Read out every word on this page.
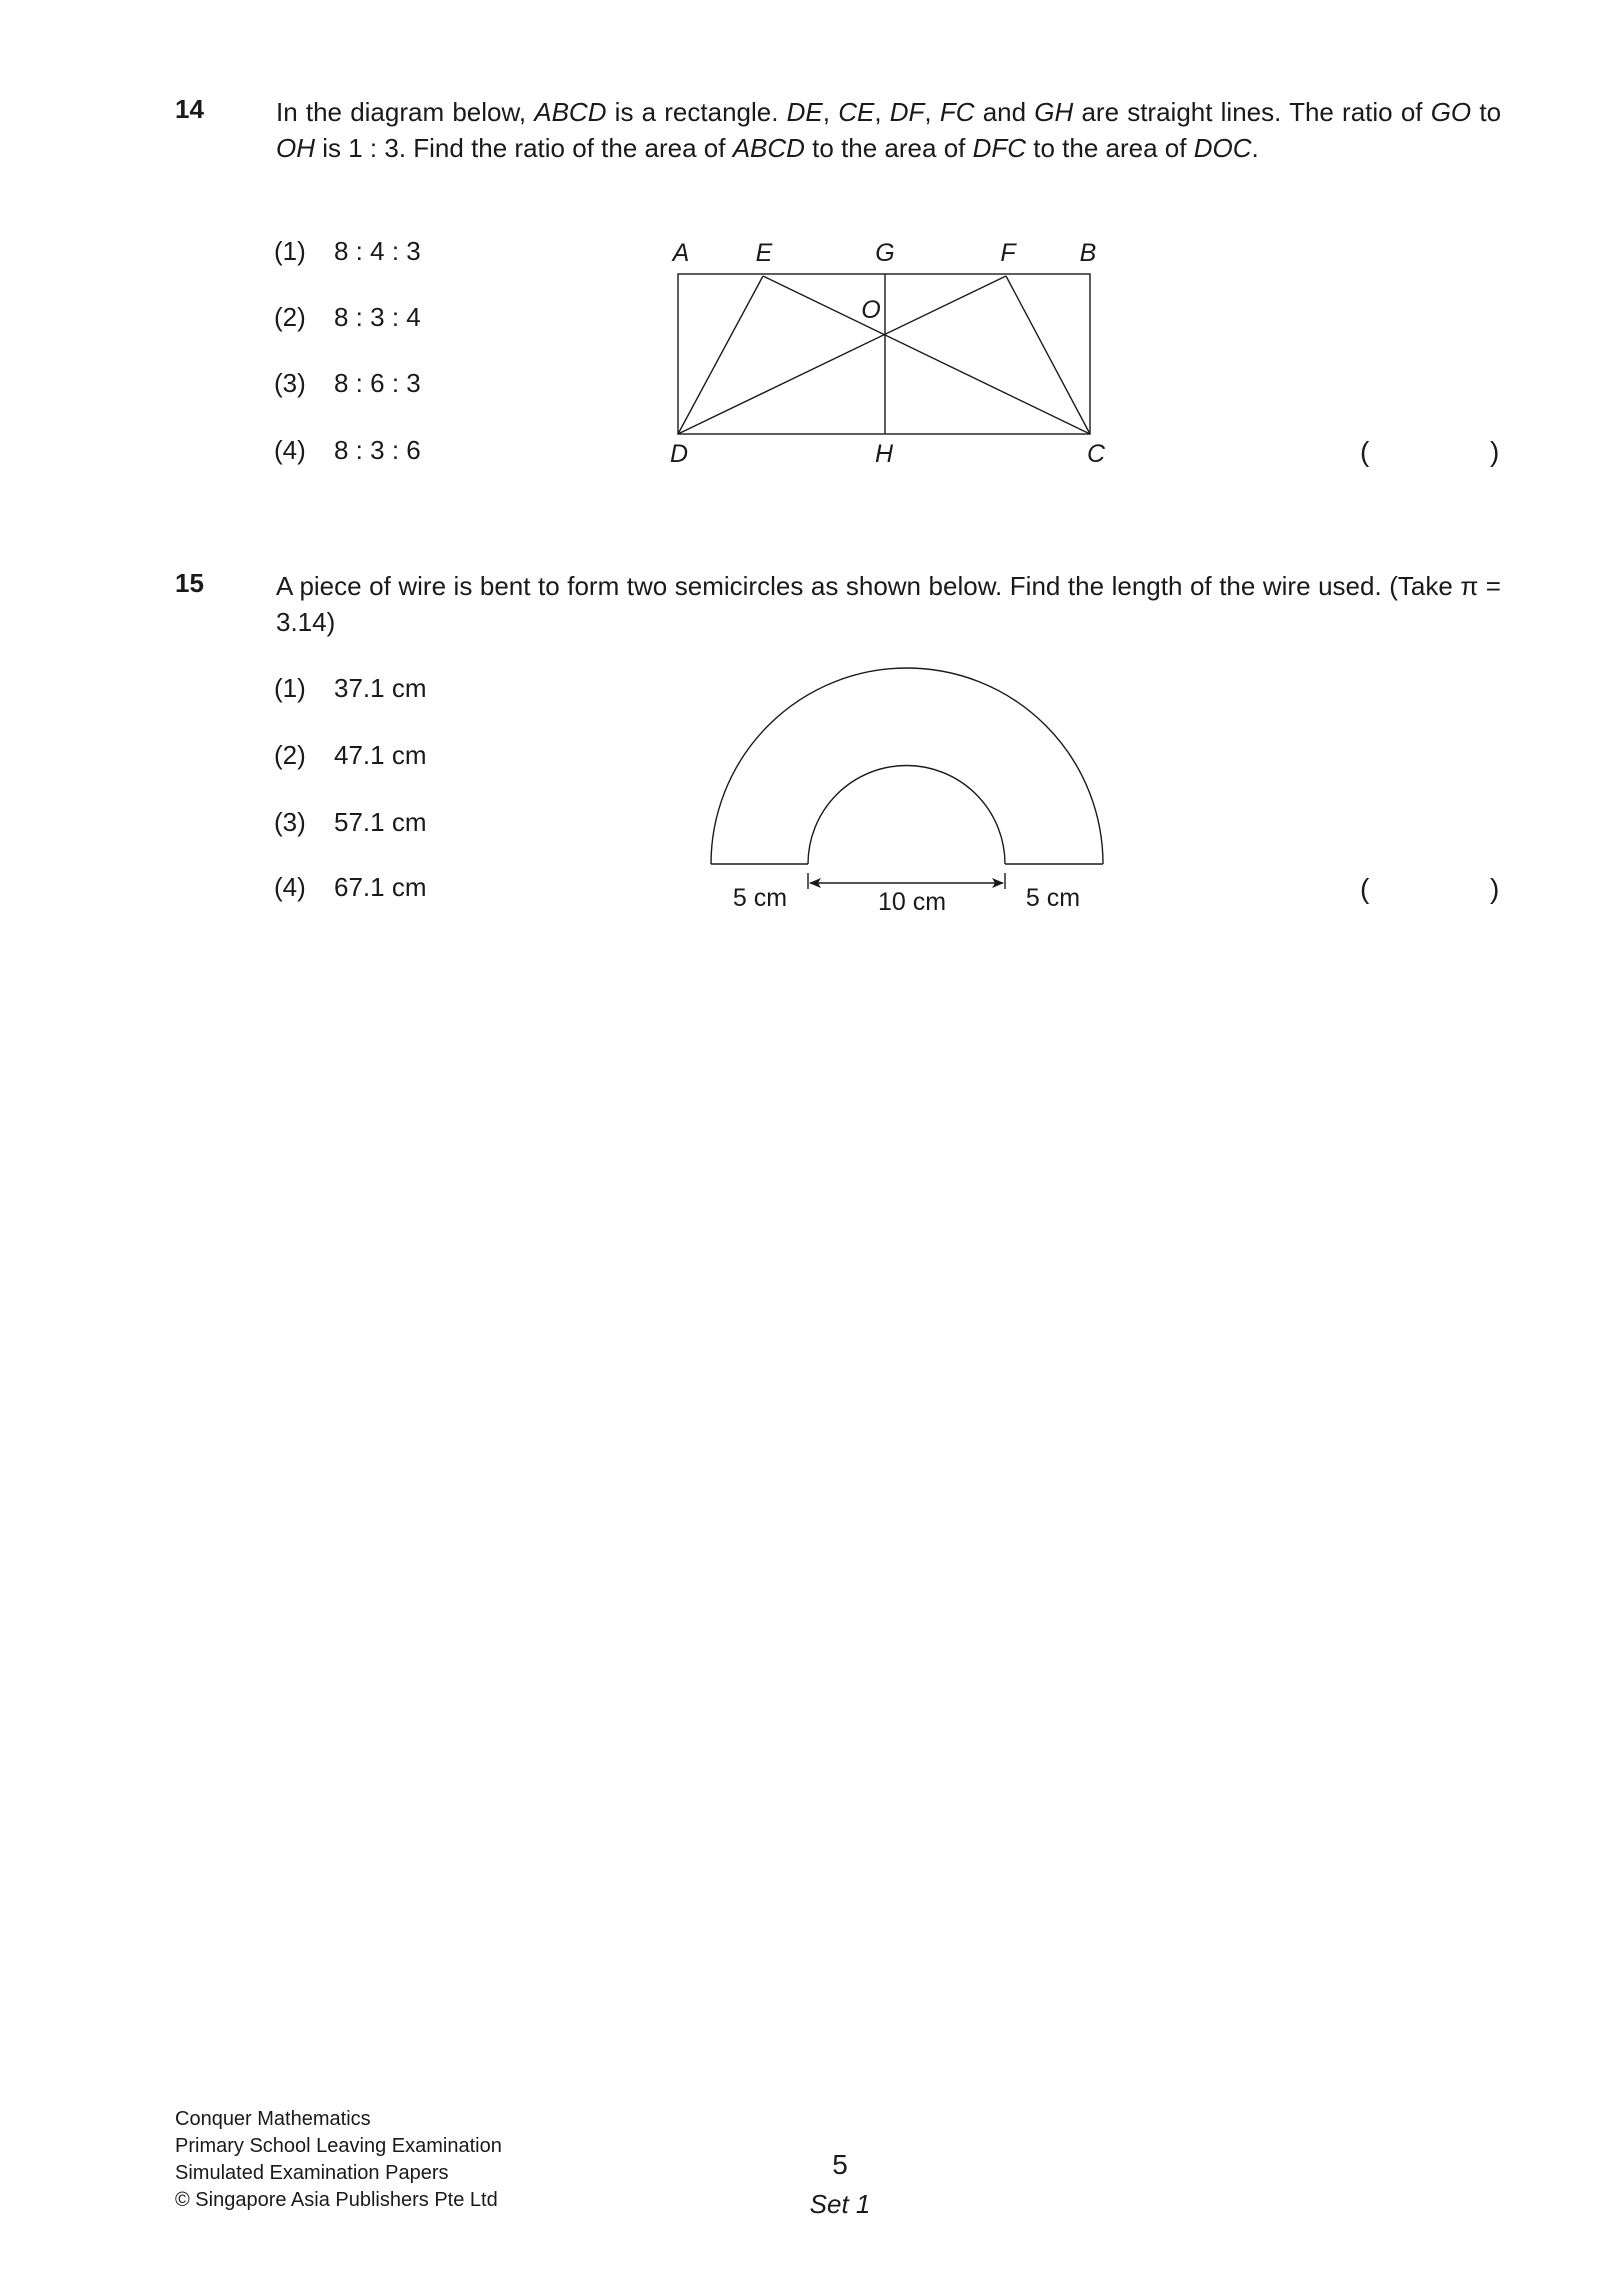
14	In the diagram below, ABCD is a rectangle. DE, CE, DF, FC and GH are straight lines. The ratio of GO to OH is 1 : 3. Find the ratio of the area of ABCD to the area of DFC to the area of DOC.
(1) 8 : 4 : 3
(2) 8 : 3 : 4
(3) 8 : 6 : 3
(4) 8 : 3 : 6
A	E	G	F	B
O
D	H	C	(	)
15	A piece of wire is bent to form two semicircles as shown below. Find the length of the wire used. (Take π = 3.14)
(1) 37.1 cm
(2) 47.1 cm
(3) 57.1 cm
(4) 67.1 cm	5 cm	10 cm	5 cm	(	)
Conquer Mathematics
Primary School Leaving Examination
Simulated Examination Papers
© Singapore Asia Publishers Pte Ltd
5
Set 1
